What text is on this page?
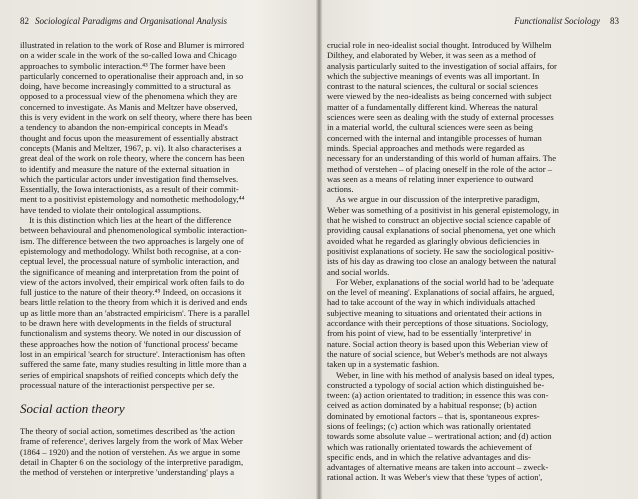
82 Sociological Paradigms and Organisational Analysis
illustrated in relation to the work of Rose and Blumer is mirrored
on a wider scale in the work of the so-called Iowa and Chicago
approaches to symbolic interaction.⁴³ The former have been
particularly concerned to operationalise their approach and, in so
doing, have become increasingly committed to a structural as
opposed to a processual view of the phenomena which they are
concerned to investigate. As Manis and Meltzer have observed,
this is very evident in the work on self theory, where there has been
a tendency to abandon the non-empirical concepts in Mead's
thought and focus upon the measurement of essentially abstract
concepts (Manis and Meltzer, 1967, p. vi). It also characterises a
great deal of the work on role theory, where the concern has been
to identify and measure the nature of the external situation in
which the particular actors under investigation find themselves.
Essentially, the Iowa interactionists, as a result of their commit-
ment to a positivist epistemology and nomothetic methodology,⁴⁴
have tended to violate their ontological assumptions.
It is this distinction which lies at the heart of the difference
between behavioural and phenomenological symbolic interaction-
ism. The difference between the two approaches is largely one of
epistemology and methodology. Whilst both recognise, at a con-
ceptual level, the processual nature of symbolic interaction, and
the significance of meaning and interpretation from the point of
view of the actors involved, their empirical work often fails to do
full justice to the nature of their theory.⁴⁵ Indeed, on occasions it
bears little relation to the theory from which it is derived and ends
up as little more than an 'abstracted empiricism'. There is a parallel
to be drawn here with developments in the fields of structural
functionalism and systems theory. We noted in our discussion of
these approaches how the notion of 'functional process' became
lost in an empirical 'search for structure'. Interactionism has often
suffered the same fate, many studies resulting in little more than a
series of empirical snapshots of reified concepts which defy the
processual nature of the interactionist perspective per se.
Social action theory
The theory of social action, sometimes described as 'the action
frame of reference', derives largely from the work of Max Weber
(1864 – 1920) and the notion of verstehen. As we argue in some
detail in Chapter 6 on the sociology of the interpretive paradigm,
the method of verstehen or interpretive 'understanding' plays a
Functionalist Sociology 83
crucial role in neo-idealist social thought. Introduced by Wilhelm
Dilthey, and elaborated by Weber, it was seen as a method of
analysis particularly suited to the investigation of social affairs, for
which the subjective meanings of events was all important. In
contrast to the natural sciences, the cultural or social sciences
were viewed by the neo-idealists as being concerned with subject
matter of a fundamentally different kind. Whereas the natural
sciences were seen as dealing with the study of external processes
in a material world, the cultural sciences were seen as being
concerned with the internal and intangible processes of human
minds. Special approaches and methods were regarded as
necessary for an understanding of this world of human affairs. The
method of verstehen – of placing oneself in the role of the actor –
was seen as a means of relating inner experience to outward
actions.
As we argue in our discussion of the interpretive paradigm,
Weber was something of a positivist in his general epistemology, in
that he wished to construct an objective social science capable of
providing causal explanations of social phenomena, yet one which
avoided what he regarded as glaringly obvious deficiencies in
positivist explanations of society. He saw the sociological positiv-
ists of his day as drawing too close an analogy between the natural
and social worlds.
For Weber, explanations of the social world had to be 'adequate
on the level of meaning'. Explanations of social affairs, he argued,
had to take account of the way in which individuals attached
subjective meaning to situations and orientated their actions in
accordance with their perceptions of those situations. Sociology,
from his point of view, had to be essentially 'interpretive' in
nature. Social action theory is based upon this Weberian view of
the nature of social science, but Weber's methods are not always
taken up in a systematic fashion.
Weber, in line with his method of analysis based on ideal types,
constructed a typology of social action which distinguished be-
tween: (a) action orientated to tradition; in essence this was con-
ceived as action dominated by a habitual response; (b) action
dominated by emotional factors – that is, spontaneous expres-
sions of feelings; (c) action which was rationally orientated
towards some absolute value – wertrational action; and (d) action
which was rationally orientated towards the achievement of
specific ends, and in which the relative advantages and dis-
advantages of alternative means are taken into account – zweck-
rational action. It was Weber's view that these 'types of action',
